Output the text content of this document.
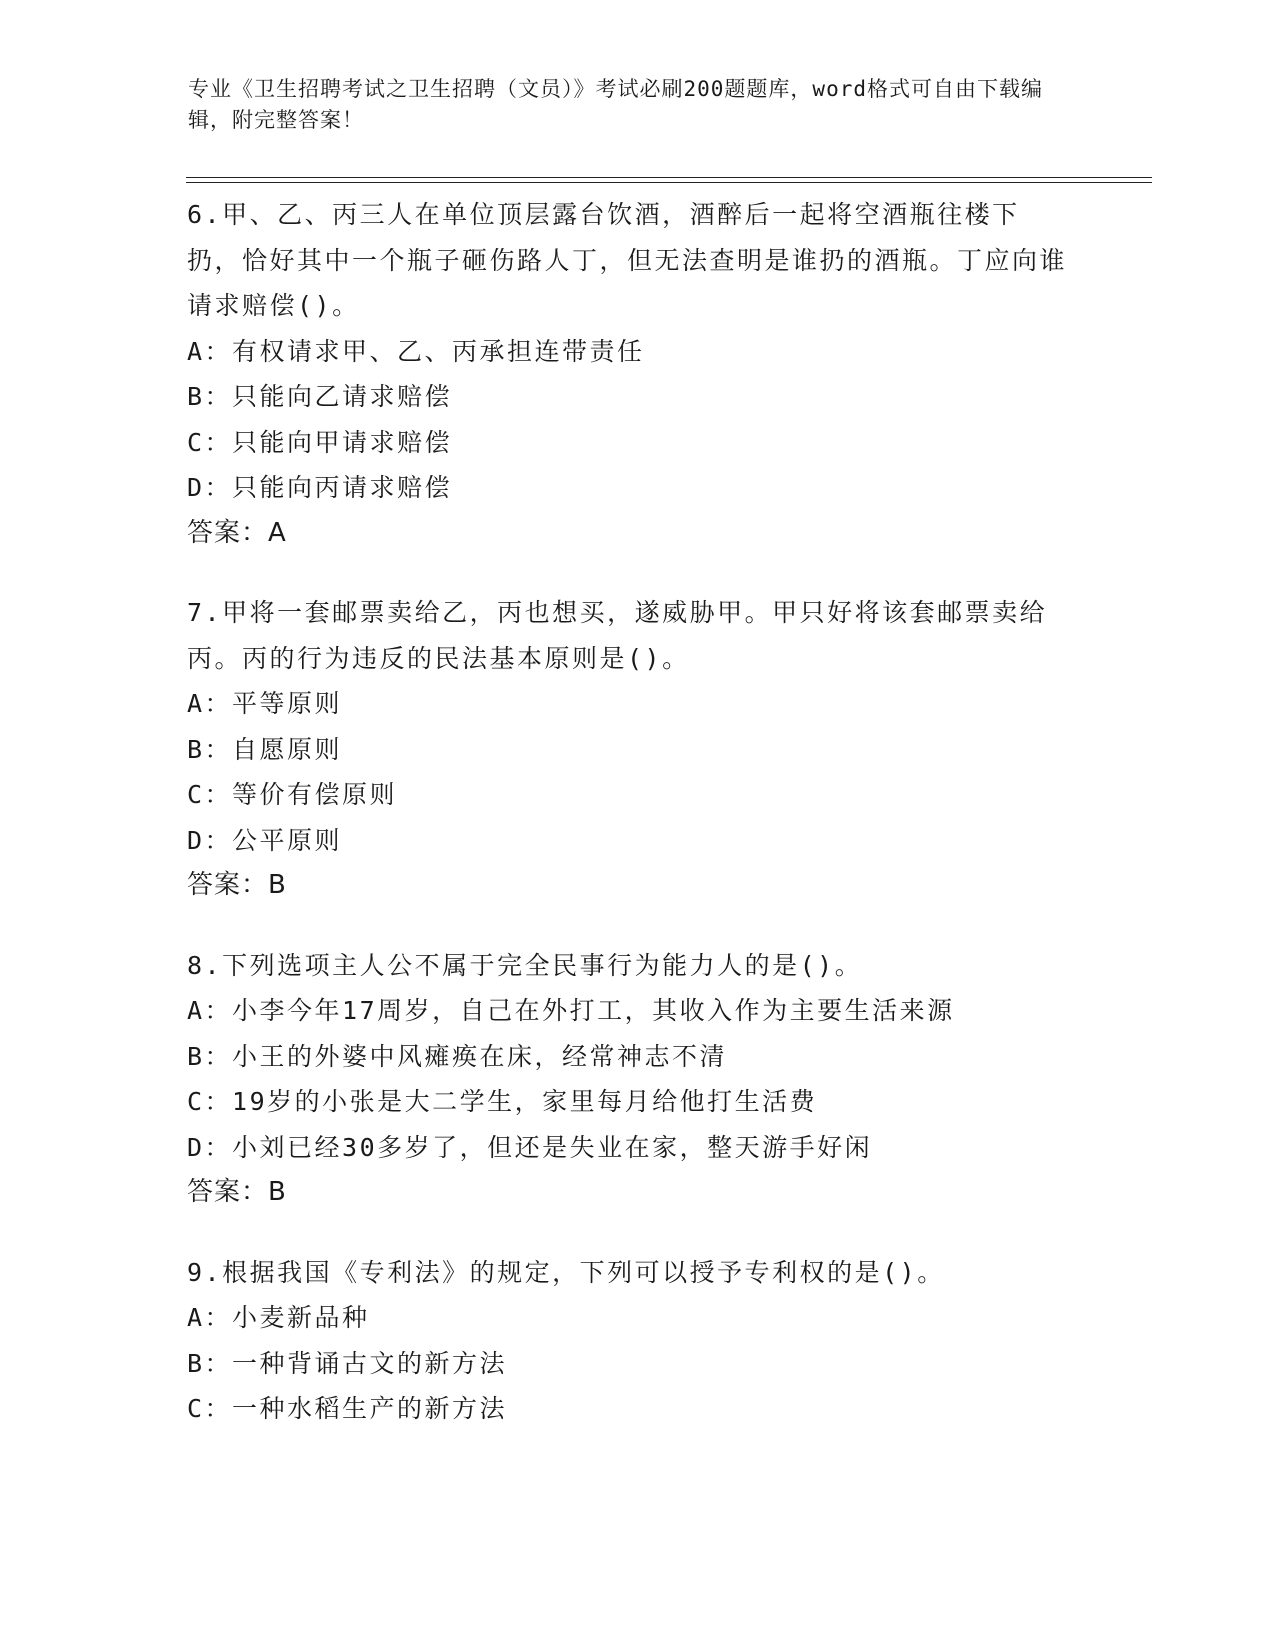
专业《卫生招聘考试之卫生招聘（文员）》考试必刷200题题库，word格式可自由下载编辑，附完整答案！

6.甲、乙、丙三人在单位顶层露台饮酒，酒醉后一起将空酒瓶往楼下扔，恰好其中一个瓶子砸伤路人丁，但无法查明是谁扔的酒瓶。丁应向谁请求赔偿()。

A：有权请求甲、乙、丙承担连带责任

B：只能向乙请求赔偿

C：只能向甲请求赔偿

D：只能向丙请求赔偿

答案：A

7.甲将一套邮票卖给乙，丙也想买，遂威胁甲。甲只好将该套邮票卖给丙。丙的行为违反的民法基本原则是()。

A：平等原则

B：自愿原则

C：等价有偿原则

D：公平原则

答案：B

8.下列选项主人公不属于完全民事行为能力人的是()。

A：小李今年17周岁，自己在外打工，其收入作为主要生活来源

B：小王的外婆中风瘫痪在床，经常神志不清

C：19岁的小张是大二学生，家里每月给他打生活费

D：小刘已经30多岁了，但还是失业在家，整天游手好闲

答案：B

9.根据我国《专利法》的规定，下列可以授予专利权的是()。

A：小麦新品种

B：一种背诵古文的新方法

C：一种水稻生产的新方法
